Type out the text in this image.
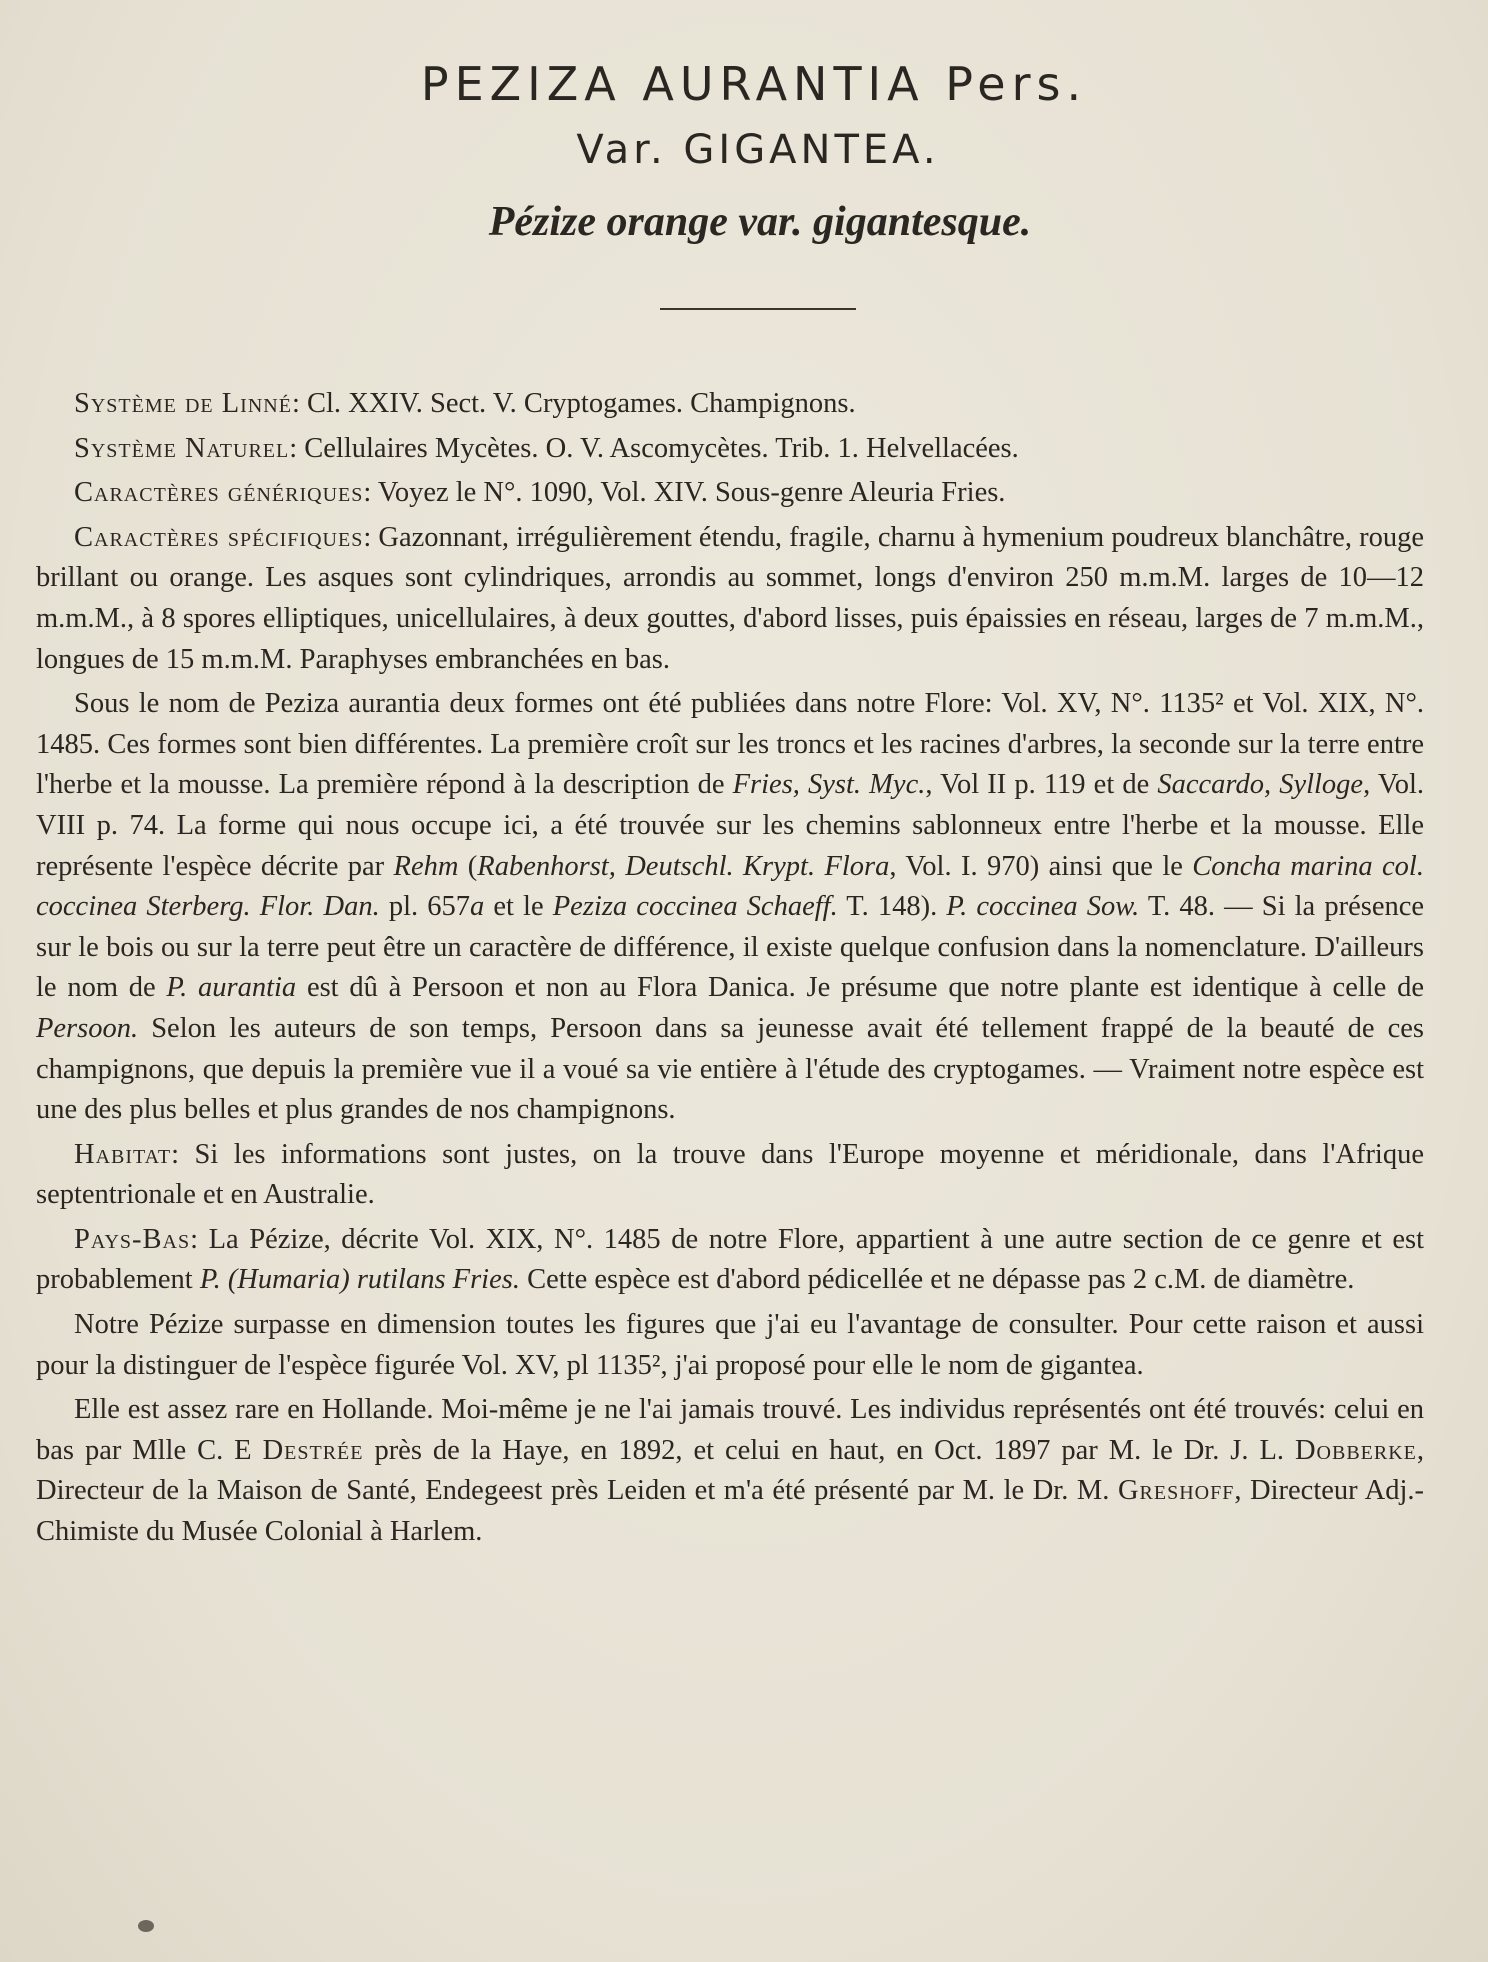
PEZIZA AURANTIA Pers.
Var. GIGANTEA.
Pézize orange var. gigantesque.

Système de Linné: Cl. XXIV. Sect. V. Cryptogames. Champignons.

Système Naturel: Cellulaires Mycètes. O. V. Ascomycètes. Trib. 1. Helvellacées.

Caractères génériques: Voyez le N°. 1090, Vol. XIV. Sous-genre Aleuria Fries.

Caractères spécifiques: Gazonnant, irrégulièrement étendu, fragile, charnu à hymenium poudreux blanchâtre, rouge brillant ou orange. Les asques sont cylindriques, arrondis au sommet, longs d'environ 250 m.m.M. larges de 10—12 m.m.M., à 8 spores elliptiques, unicellulaires, à deux gouttes, d'abord lisses, puis épaissies en réseau, larges de 7 m.m.M., longues de 15 m.m.M. Paraphyses embranchées en bas.

Sous le nom de Peziza aurantia deux formes ont été publiées dans notre Flore: Vol. XV, N°. 1135² et Vol. XIX, N°. 1485. Ces formes sont bien différentes. La première croît sur les troncs et les racines d'arbres, la seconde sur la terre entre l'herbe et la mousse. La première répond à la description de Fries, Syst. Myc., Vol II p. 119 et de Saccardo, Sylloge, Vol. VIII p. 74. La forme qui nous occupe ici, a été trouvée sur les chemins sablonneux entre l'herbe et la mousse. Elle représente l'espèce décrite par Rehm (Rabenhorst, Deutschl. Krypt. Flora, Vol. I. 970) ainsi que le Concha marina col. coccinea Sterberg. Flor. Dan. pl. 657a et le Peziza coccinea Schaeff. T. 148). P. coccinea Sow. T. 48. — Si la présence sur le bois ou sur la terre peut être un caractère de différence, il existe quelque confusion dans la nomenclature. D'ailleurs le nom de P. aurantia est dû à Persoon et non au Flora Danica. Je présume que notre plante est identique à celle de Persoon. Selon les auteurs de son temps, Persoon dans sa jeunesse avait été tellement frappé de la beauté de ces champignons, que depuis la première vue il a voué sa vie entière à l'étude des cryptogames. — Vraiment notre espèce est une des plus belles et plus grandes de nos champignons.

Habitat: Si les informations sont justes, on la trouve dans l'Europe moyenne et méridionale, dans l'Afrique septentrionale et en Australie.

Pays-Bas: La Pézize, décrite Vol. XIX, N°. 1485 de notre Flore, appartient à une autre section de ce genre et est probablement P. (Humaria) rutilans Fries. Cette espèce est d'abord pédicellée et ne dépasse pas 2 c.M. de diamètre.

Notre Pézize surpasse en dimension toutes les figures que j'ai eu l'avantage de consulter. Pour cette raison et aussi pour la distinguer de l'espèce figurée Vol. XV, pl 1135², j'ai proposé pour elle le nom de gigantea.

Elle est assez rare en Hollande. Moi-même je ne l'ai jamais trouvé. Les individus représentés ont été trouvés: celui en bas par Mlle C. E Destrée près de la Haye, en 1892, et celui en haut, en Oct. 1897 par M. le Dr. J. L. Dobberke, Directeur de la Maison de Santé, Endegeest près Leiden et m'a été présenté par M. le Dr. M. Greshoff, Directeur Adj.-Chimiste du Musée Colonial à Harlem.
